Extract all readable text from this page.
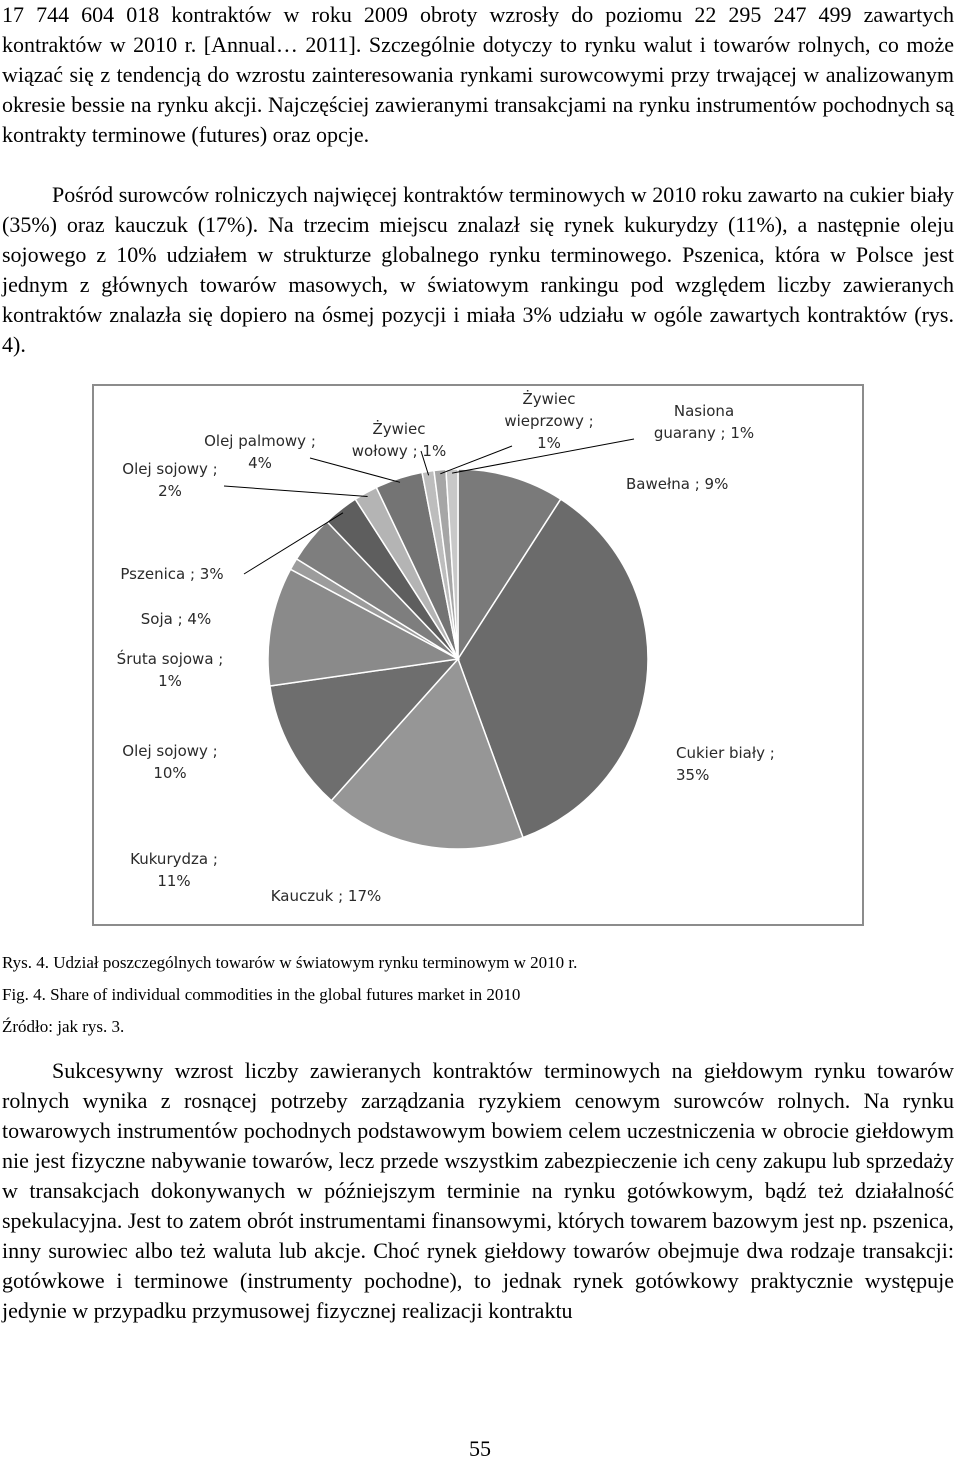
17 744 604 018 kontraktów w roku 2009 obroty wzrosły do poziomu 22 295 247 499 zawartych kontraktów w 2010 r. [Annual… 2011]. Szczególnie dotyczy to rynku walut i towarów rolnych, co może wiązać się z tendencją do wzrostu zainteresowania rynkami surowcowymi przy trwającej w analizowanym okresie bessie na rynku akcji. Najczęściej zawieranymi transakcjami na rynku instrumentów pochodnych są kontrakty terminowe (futures) oraz opcje.

Pośród surowców rolniczych najwięcej kontraktów terminowych w 2010 roku zawarto na cukier biały (35%) oraz kauczuk (17%). Na trzecim miejscu znalazł się rynek kukurydzy (11%), a następnie oleju sojowego z 10% udziałem w strukturze globalnego rynku terminowego. Pszenica, która w Polsce jest jednym z głównych towarów masowych, w światowym rankingu pod względem liczby zawieranych kontraktów znalazła się dopiero na ósmej pozycji i miała 3% udziału w ogóle zawartych kontraktów (rys. 4).

Bawełna ; 9%
Cukier biały ; 35%
Kauczuk ; 17%
Kukurydza ; 11%
Olej sojowy ; 10%
Śruta sojowa ; 1%
Soja ; 4%
Pszenica ; 3%
Olej sojowy ; 2%
Olej palmowy ; 4%
Żywiec wołowy ; 1%
Żywiec wieprzowy ; 1%
Nasiona guarany ; 1%

Rys. 4. Udział poszczególnych towarów w światowym rynku terminowym w 2010 r.

Fig. 4. Share of individual commodities in the global futures market in 2010

Źródło: jak rys. 3.

Sukcesywny wzrost liczby zawieranych kontraktów terminowych na giełdowym rynku towarów rolnych wynika z rosnącej potrzeby zarządzania ryzykiem cenowym surowców rolnych. Na rynku towarowych instrumentów pochodnych podstawowym bowiem celem uczestniczenia w obrocie giełdowym nie jest fizyczne nabywanie towarów, lecz przede wszystkim zabezpieczenie ich ceny zakupu lub sprzedaży w transakcjach dokonywanych w późniejszym terminie na rynku gotówkowym, bądź też działalność spekulacyjna. Jest to zatem obrót instrumentami finansowymi, których towarem bazowym jest np. pszenica, inny surowiec albo też waluta lub akcje. Choć rynek giełdowy towarów obejmuje dwa rodzaje transakcji: gotówkowe i terminowe (instrumenty pochodne), to jednak rynek gotówkowy praktycznie występuje jedynie w przypadku przymusowej fizycznej realizacji kontraktu

55
